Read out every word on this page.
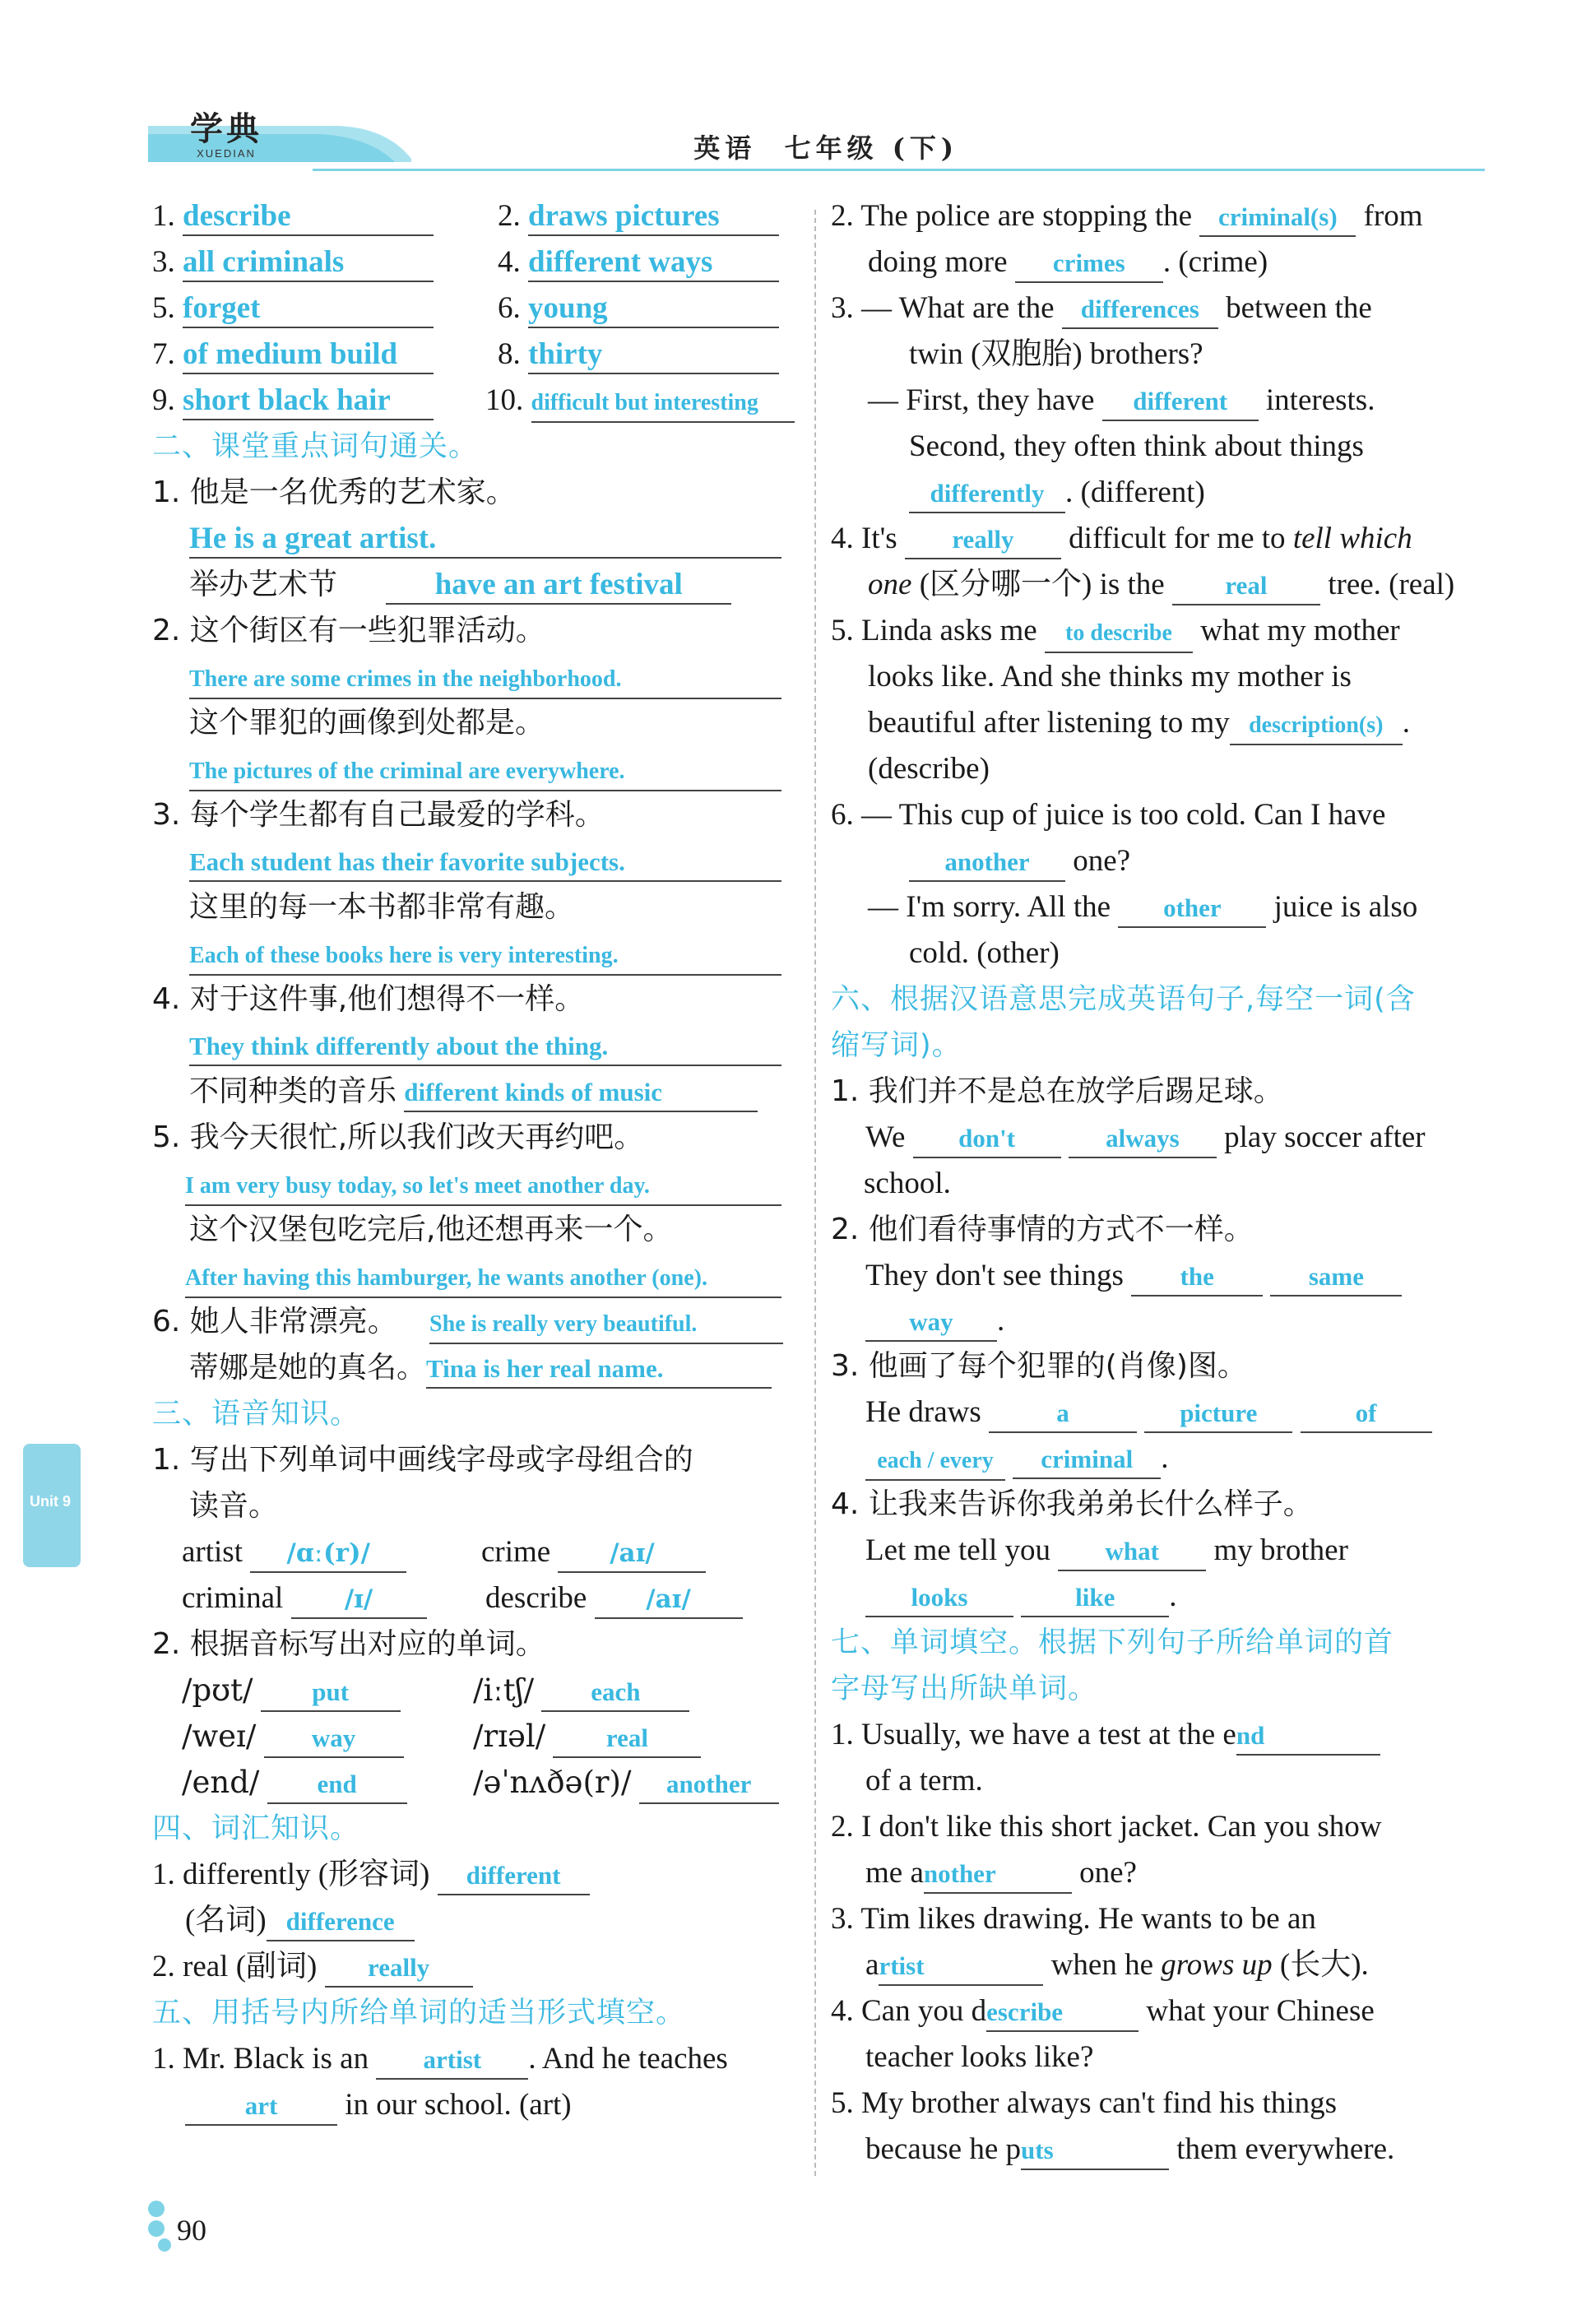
学典
XUEDIAN	英语  七年级 (下)
1. describe	2. draws pictures
3. all criminals	4. different ways
5. forget	6. young
7. of medium build	8. thirty
9. short black hair	10. difficult but interesting
二、课堂重点词句通关。
1. 他是一名优秀的艺术家。
He is a great artist.
举办艺术节	have an art festival
2. 这个街区有一些犯罪活动。
There are some crimes in the neighborhood.
这个罪犯的画像到处都是。
The pictures of the criminal are everywhere.
3. 每个学生都有自己最爱的学科。
Each student has their favorite subjects.
这里的每一本书都非常有趣。
Each of these books here is very interesting.
4. 对于这件事,他们想得不一样。
They think differently about the thing.
不同种类的音乐 different kinds of music
5. 我今天很忙,所以我们改天再约吧。
I am very busy today, so let's meet another day.
这个汉堡包吃完后,他还想再来一个。
After having this hamburger, he wants another (one).
6. 她人非常漂亮。 She is really very beautiful.
蒂娜是她的真名。Tina is her real name.
三、语音知识。
1. 写出下列单词中画线字母或字母组合的
读音。
artist /ɑː(r)/	crime /aɪ/
criminal /ɪ/	describe /aɪ/
2. 根据音标写出对应的单词。
/pʊt/ put	/iːtʃ/ each
/weɪ/ way	/rɪəl/ real
/end/ end	/əˈnʌðə(r)/ another
四、词汇知识。
1. differently (形容词) different
(名词) difference
2. real (副词) really
五、用括号内所给单词的适当形式填空。
1. Mr. Black is an artist . And he teaches
art in our school. (art)
2. The police are stopping the criminal(s) from
doing more crimes . (crime)
3. — What are the differences between the
twin (双胞胎) brothers?
— First, they have different interests.
Second, they often think about things
differently . (different)
4. It's really difficult for me to tell which
one (区分哪一个) is the real tree. (real)
5. Linda asks me to describe what my mother
looks like. And she thinks my mother is
beautiful after listening to my description(s) .
(describe)
6. — This cup of juice is too cold. Can I have
another one?
— I'm sorry. All the other juice is also
cold. (other)
六、根据汉语意思完成英语句子,每空一词(含
缩写词)。
1. 我们并不是总在放学后踢足球。
We don't	always play soccer after
school.
2. 他们看待事情的方式不一样。
They don't see things the	same
way .
3. 他画了每个犯罪的(肖像)图。
He draws	a	picture	of
each / every criminal .
4. 让我来告诉你我弟弟长什么样子。
Let me tell you what my brother
looks	like .
七、单词填空。根据下列句子所给单词的首
字母写出所缺单词。
1. Usually, we have a test at the end
of a term.
2. I don't like this short jacket. Can you show
me another	one?
3. Tim likes drawing. He wants to be an
artist	when he grows up (长大).
4. Can you describe	what your Chinese
teacher looks like?
5. My brother always can't find his things
because he puts	them everywhere.
Unit 9
90
